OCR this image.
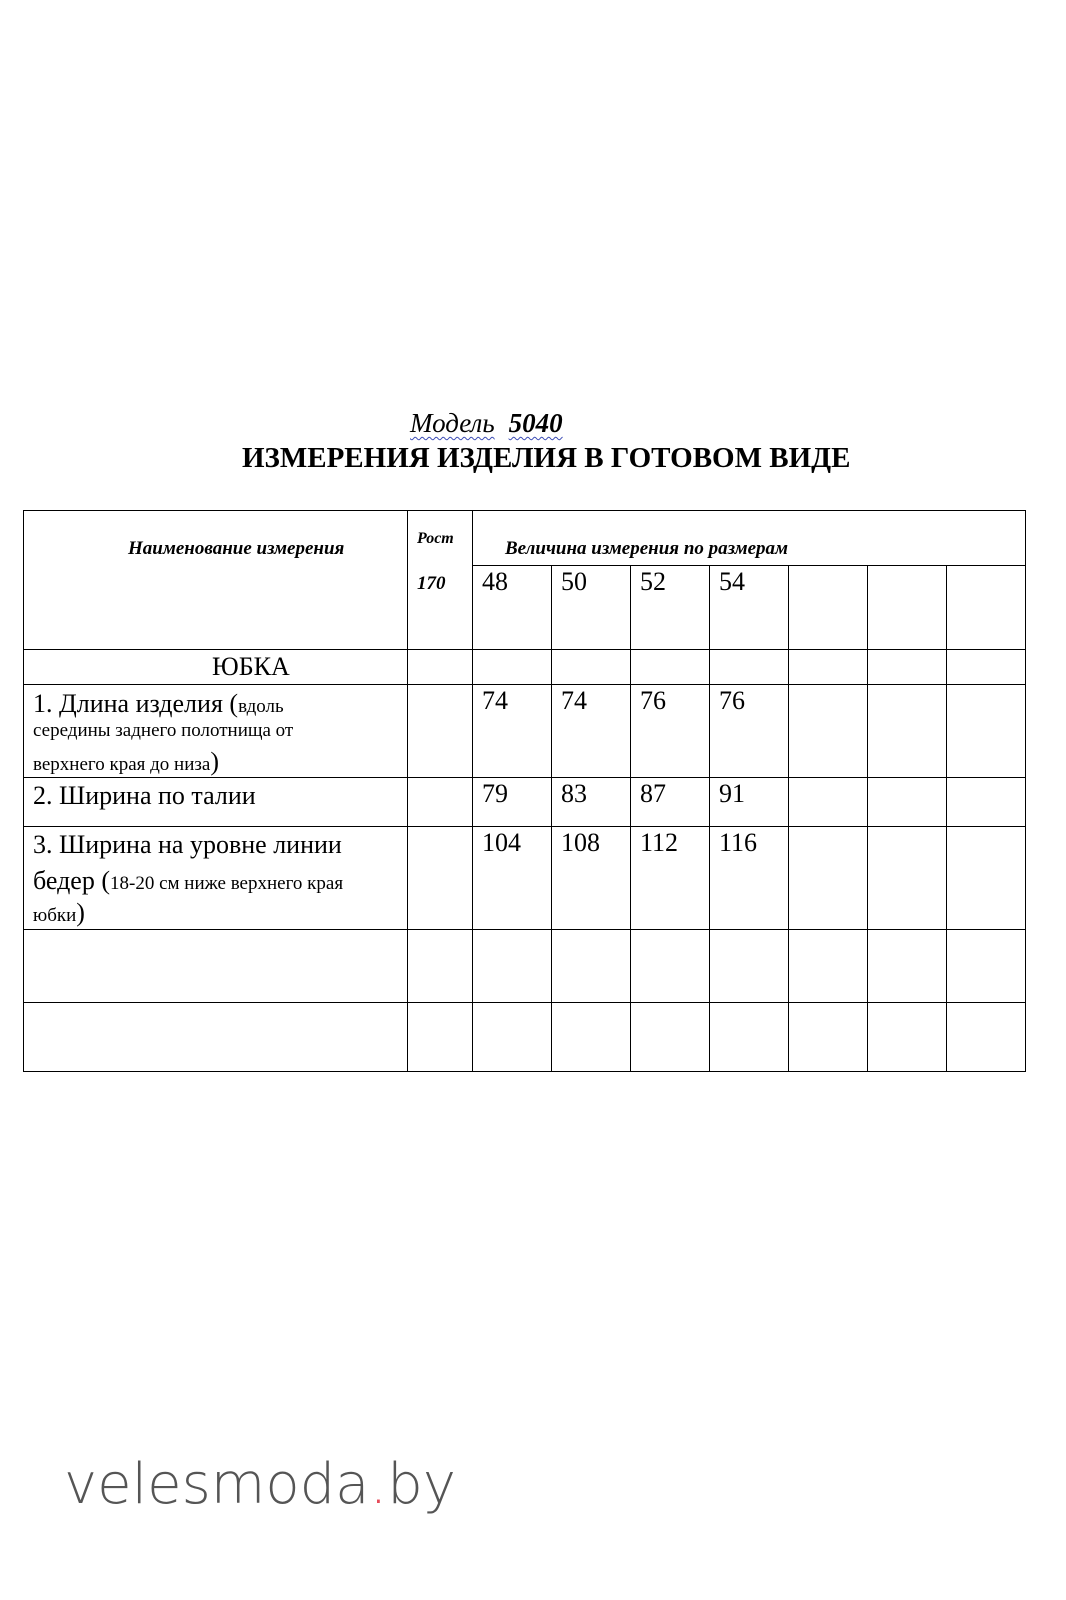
Модель 5040
ИЗМЕРЕНИЯ ИЗДЕЛИЯ В ГОТОВОМ ВИДЕ
Наименование измерения	Рост
170
Величина измерения по размерам
48 50 52 54
ЮБКА
1. Длина изделия (вдоль
середины заднего полотнища от
верхнего края до низа)
74 74 76 76
2. Ширина по талии	79 83 87 91
3. Ширина на уровне линии
бедер (18-20 см ниже верхнего края
юбки)
104 108 112 116
velesmoda.by
